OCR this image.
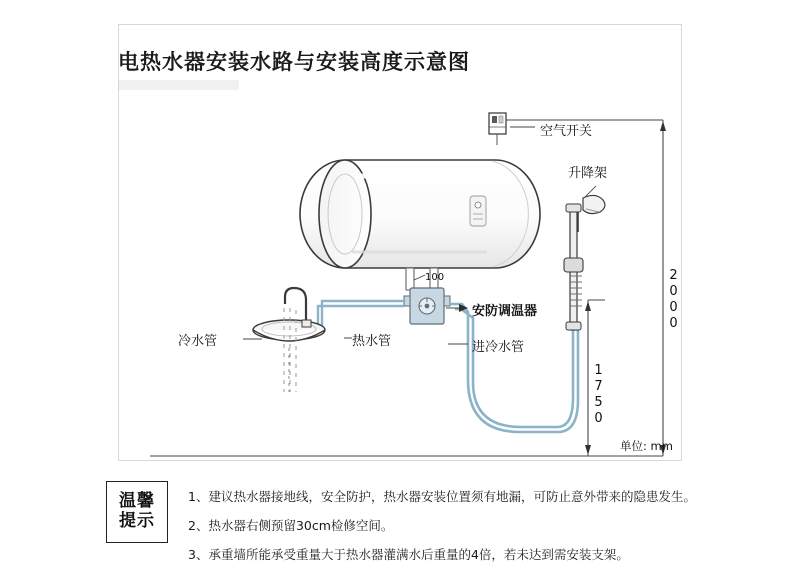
电热水器安装水路与安装高度示意图
100
空气开关
升降架
安防调温器
冷水管	热水管	进冷水管
2000
1750
单位: mm
温馨
提示
1、建议热水器接地线，安全防护，热水器安装位置须有地漏，可防止意外带来的隐患发生。
2、热水器右侧预留30cm检修空间。
3、承重墙所能承受重量大于热水器灌满水后重量的4倍，若未达到需安装支架。
